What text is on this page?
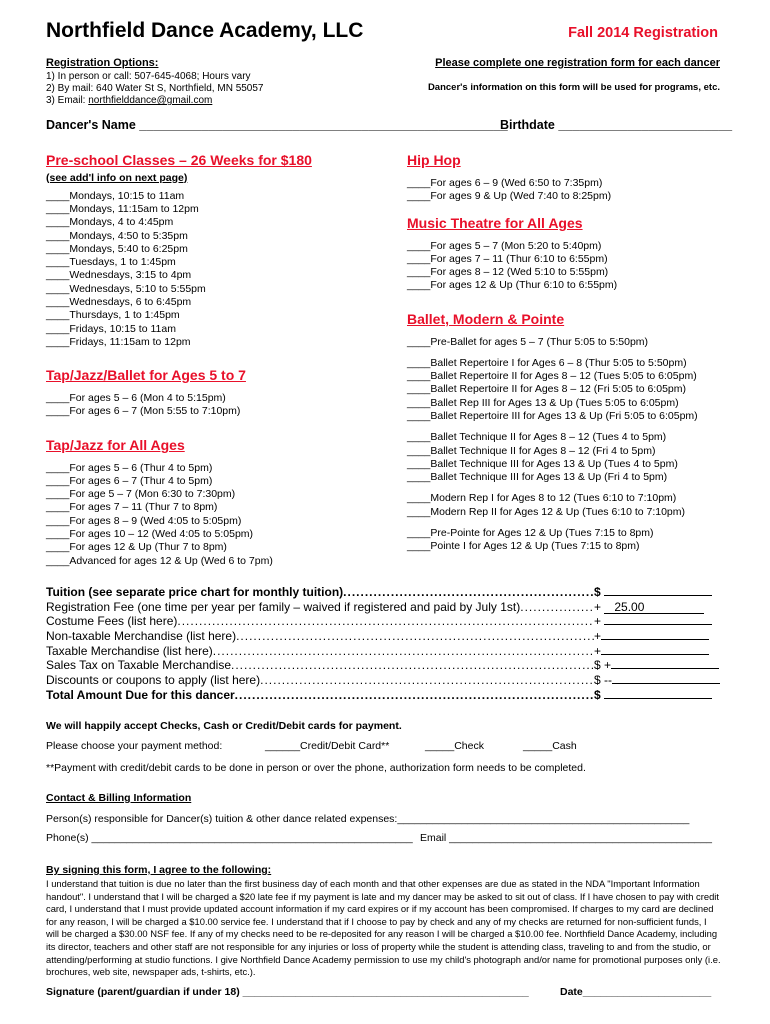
Northfield Dance Academy, LLC	Fall 2014 Registration
Registration Options:
1) In person or call: 507-645-4068; Hours vary
2) By mail: 640 Water St S, Northfield, MN 55057
3) Email: northfielddance@gmail.com
Please complete one registration form for each dancer
Dancer's information on this form will be used for programs, etc.
Dancer's Name _____________________________________________________
Birthdate _________________________
Pre-school Classes – 26 Weeks for $180
(see add'l info on next page)
____Mondays, 10:15 to 11am
____Mondays, 11:15am to 12pm
____Mondays, 4 to 4:45pm
____Mondays, 4:50 to 5:35pm
____Mondays, 5:40 to 6:25pm
____Tuesdays, 1 to 1:45pm
____Wednesdays, 3:15 to 4pm
____Wednesdays, 5:10 to 5:55pm
____Wednesdays, 6 to 6:45pm
____Thursdays, 1 to 1:45pm
____Fridays, 10:15 to 11am
____Fridays, 11:15am to 12pm
Tap/Jazz/Ballet for Ages 5 to 7
____For ages 5 – 6 (Mon 4 to 5:15pm)
____For ages 6 – 7 (Mon 5:55 to 7:10pm)
Tap/Jazz for All Ages
____For ages 5 – 6 (Thur 4 to 5pm)
____For ages 6 – 7 (Thur 4 to 5pm)
____For age 5 – 7 (Mon 6:30 to 7:30pm)
____For ages 7 – 11 (Thur 7 to 8pm)
____For ages 8 – 9 (Wed 4:05 to 5:05pm)
____For ages 10 – 12 (Wed 4:05 to 5:05pm)
____For ages 12 & Up (Thur 7 to 8pm)
____Advanced for ages 12 & Up (Wed 6 to 7pm)
Hip Hop
____For ages 6 – 9 (Wed 6:50 to 7:35pm)
____For ages 9 & Up (Wed 7:40 to 8:25pm)
Music Theatre for All Ages
____For ages 5 – 7 (Mon 5:20 to 5:40pm)
____For ages 7 – 11 (Thur 6:10 to 6:55pm)
____For ages 8 – 12 (Wed 5:10 to 5:55pm)
____For ages 12 & Up (Thur 6:10 to 6:55pm)
Ballet, Modern & Pointe
____Pre-Ballet for ages 5 – 7 (Thur 5:05 to 5:50pm)
____Ballet Repertoire I for Ages 6 – 8 (Thur 5:05 to 5:50pm)
____Ballet Repertoire II for Ages 8 – 12 (Tues 5:05 to 6:05pm)
____Ballet Repertoire II for Ages 8 – 12 (Fri 5:05 to 6:05pm)
____Ballet Rep III for Ages 13 & Up (Tues 5:05 to 6:05pm)
____Ballet Repertoire III for Ages 13 & Up (Fri 5:05 to 6:05pm)
____Ballet Technique II for Ages 8 – 12 (Tues 4 to 5pm)
____Ballet Technique II for Ages 8 – 12 (Fri 4 to 5pm)
____Ballet Technique III for Ages 13 & Up (Tues 4 to 5pm)
____Ballet Technique III for Ages 13 & Up (Fri 4 to 5pm)
____Modern Rep I for Ages 8 to 12 (Tues 6:10 to 7:10pm)
____Modern Rep II for Ages 12 & Up (Tues 6:10 to 7:10pm)
____Pre-Pointe for Ages 12 & Up (Tues 7:15 to 8pm)
____Pointe I for Ages 12 & Up (Tues 7:15 to 8pm)
Tuition (see separate price chart for monthly tuition) .....	$
Registration Fee (one time per year per family – waived if registered and paid by July 1st) .....	+ 25.00
Costume Fees (list here) .....	+
Non-taxable Merchandise (list here) .....	+
Taxable Merchandise (list here) .....	+
Sales Tax on Taxable Merchandise .....	$ +
Discounts or coupons to apply (list here) .....	$ --
Total Amount Due for this dancer .....	$
We will happily accept Checks, Cash or Credit/Debit cards for payment.
Please choose your payment method:	______Credit/Debit Card**	_____Check	_____Cash
**Payment with credit/debit cards to be done in person or over the phone, authorization form needs to be completed.
Contact & Billing Information
Person(s) responsible for Dancer(s) tuition & other dance related expenses:__________________________________________________
Phone(s) _______________________________________________________ Email _____________________________________________
By signing this form, I agree to the following:
I understand that tuition is due no later than the first business day of each month and that other expenses are due as stated in the NDA "Important Information handout". I understand that I will be charged a $20 late fee if my payment is late and my dancer may be asked to sit out of class. If I have chosen to pay with credit card, I understand that I must provide updated account information if my card expires or if my account has been compromised. If charges to my card are declined for any reason, I will be charged a $10.00 service fee. I understand that if I choose to pay by check and any of my checks are returned for non-sufficient funds, I will be charged a $30.00 NSF fee. If any of my checks need to be re-deposited for any reason I will be charged a $10.00 fee. Northfield Dance Academy, including its director, teachers and other staff are not responsible for any injuries or loss of property while the student is attending class, traveling to and from the studio, or attending/performing at studio functions. I give Northfield Dance Academy permission to use my child's photograph and/or name for promotional purposes only (i.e. brochures, web site, newspaper ads, t-shirts, etc.).
Signature (parent/guardian if under 18) _________________________________________________	Date______________________
